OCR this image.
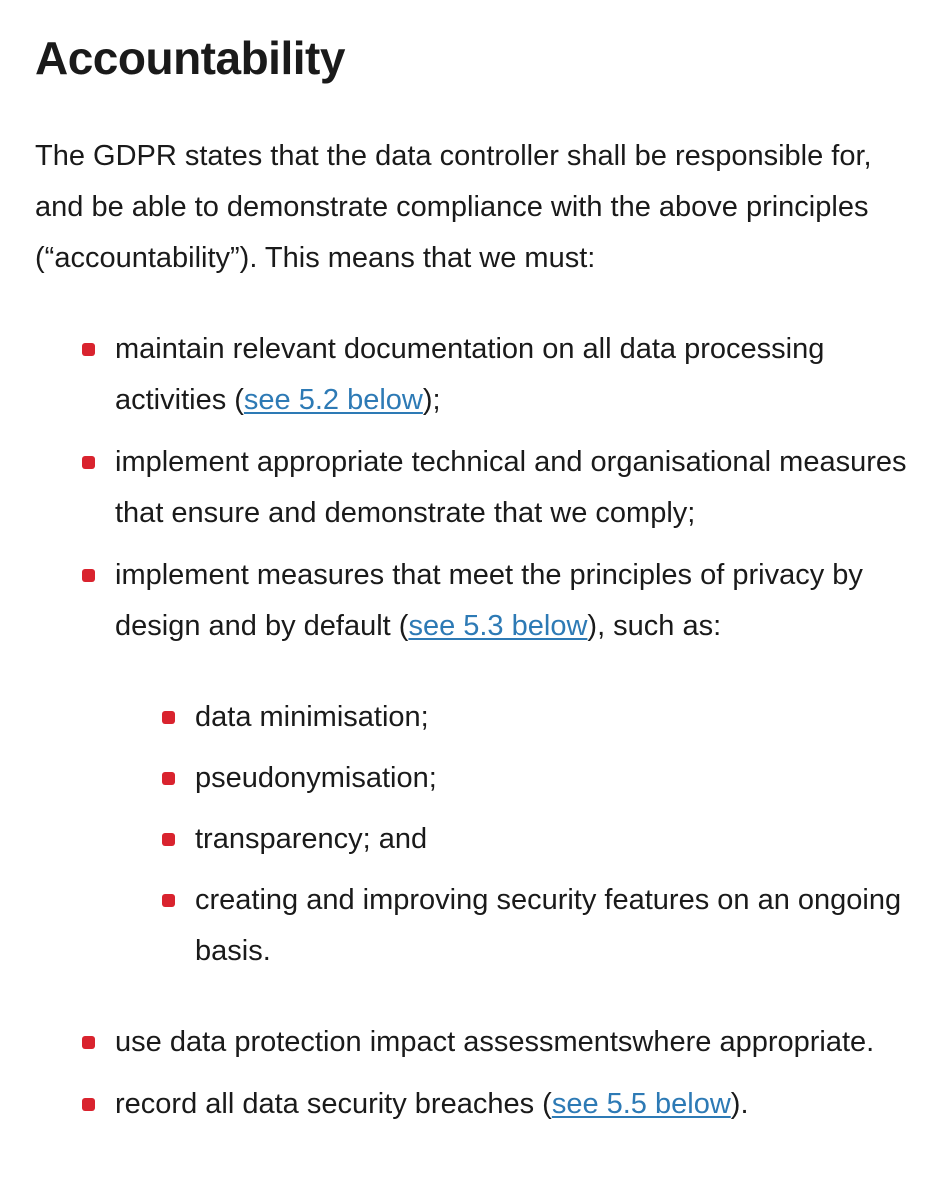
Accountability

The GDPR states that the data controller shall be responsible for, and be able to demonstrate compliance with the above principles (“accountability”). This means that we must:

maintain relevant documentation on all data processing activities (see 5.2 below);
implement appropriate technical and organisational measures that ensure and demonstrate that we comply;
implement measures that meet the principles of privacy by design and by default (see 5.3 below), such as:
data minimisation;
pseudonymisation;
transparency; and
creating and improving security features on an ongoing basis.
use data protection impact assessmentswhere appropriate.
record all data security breaches (see 5.5 below).
